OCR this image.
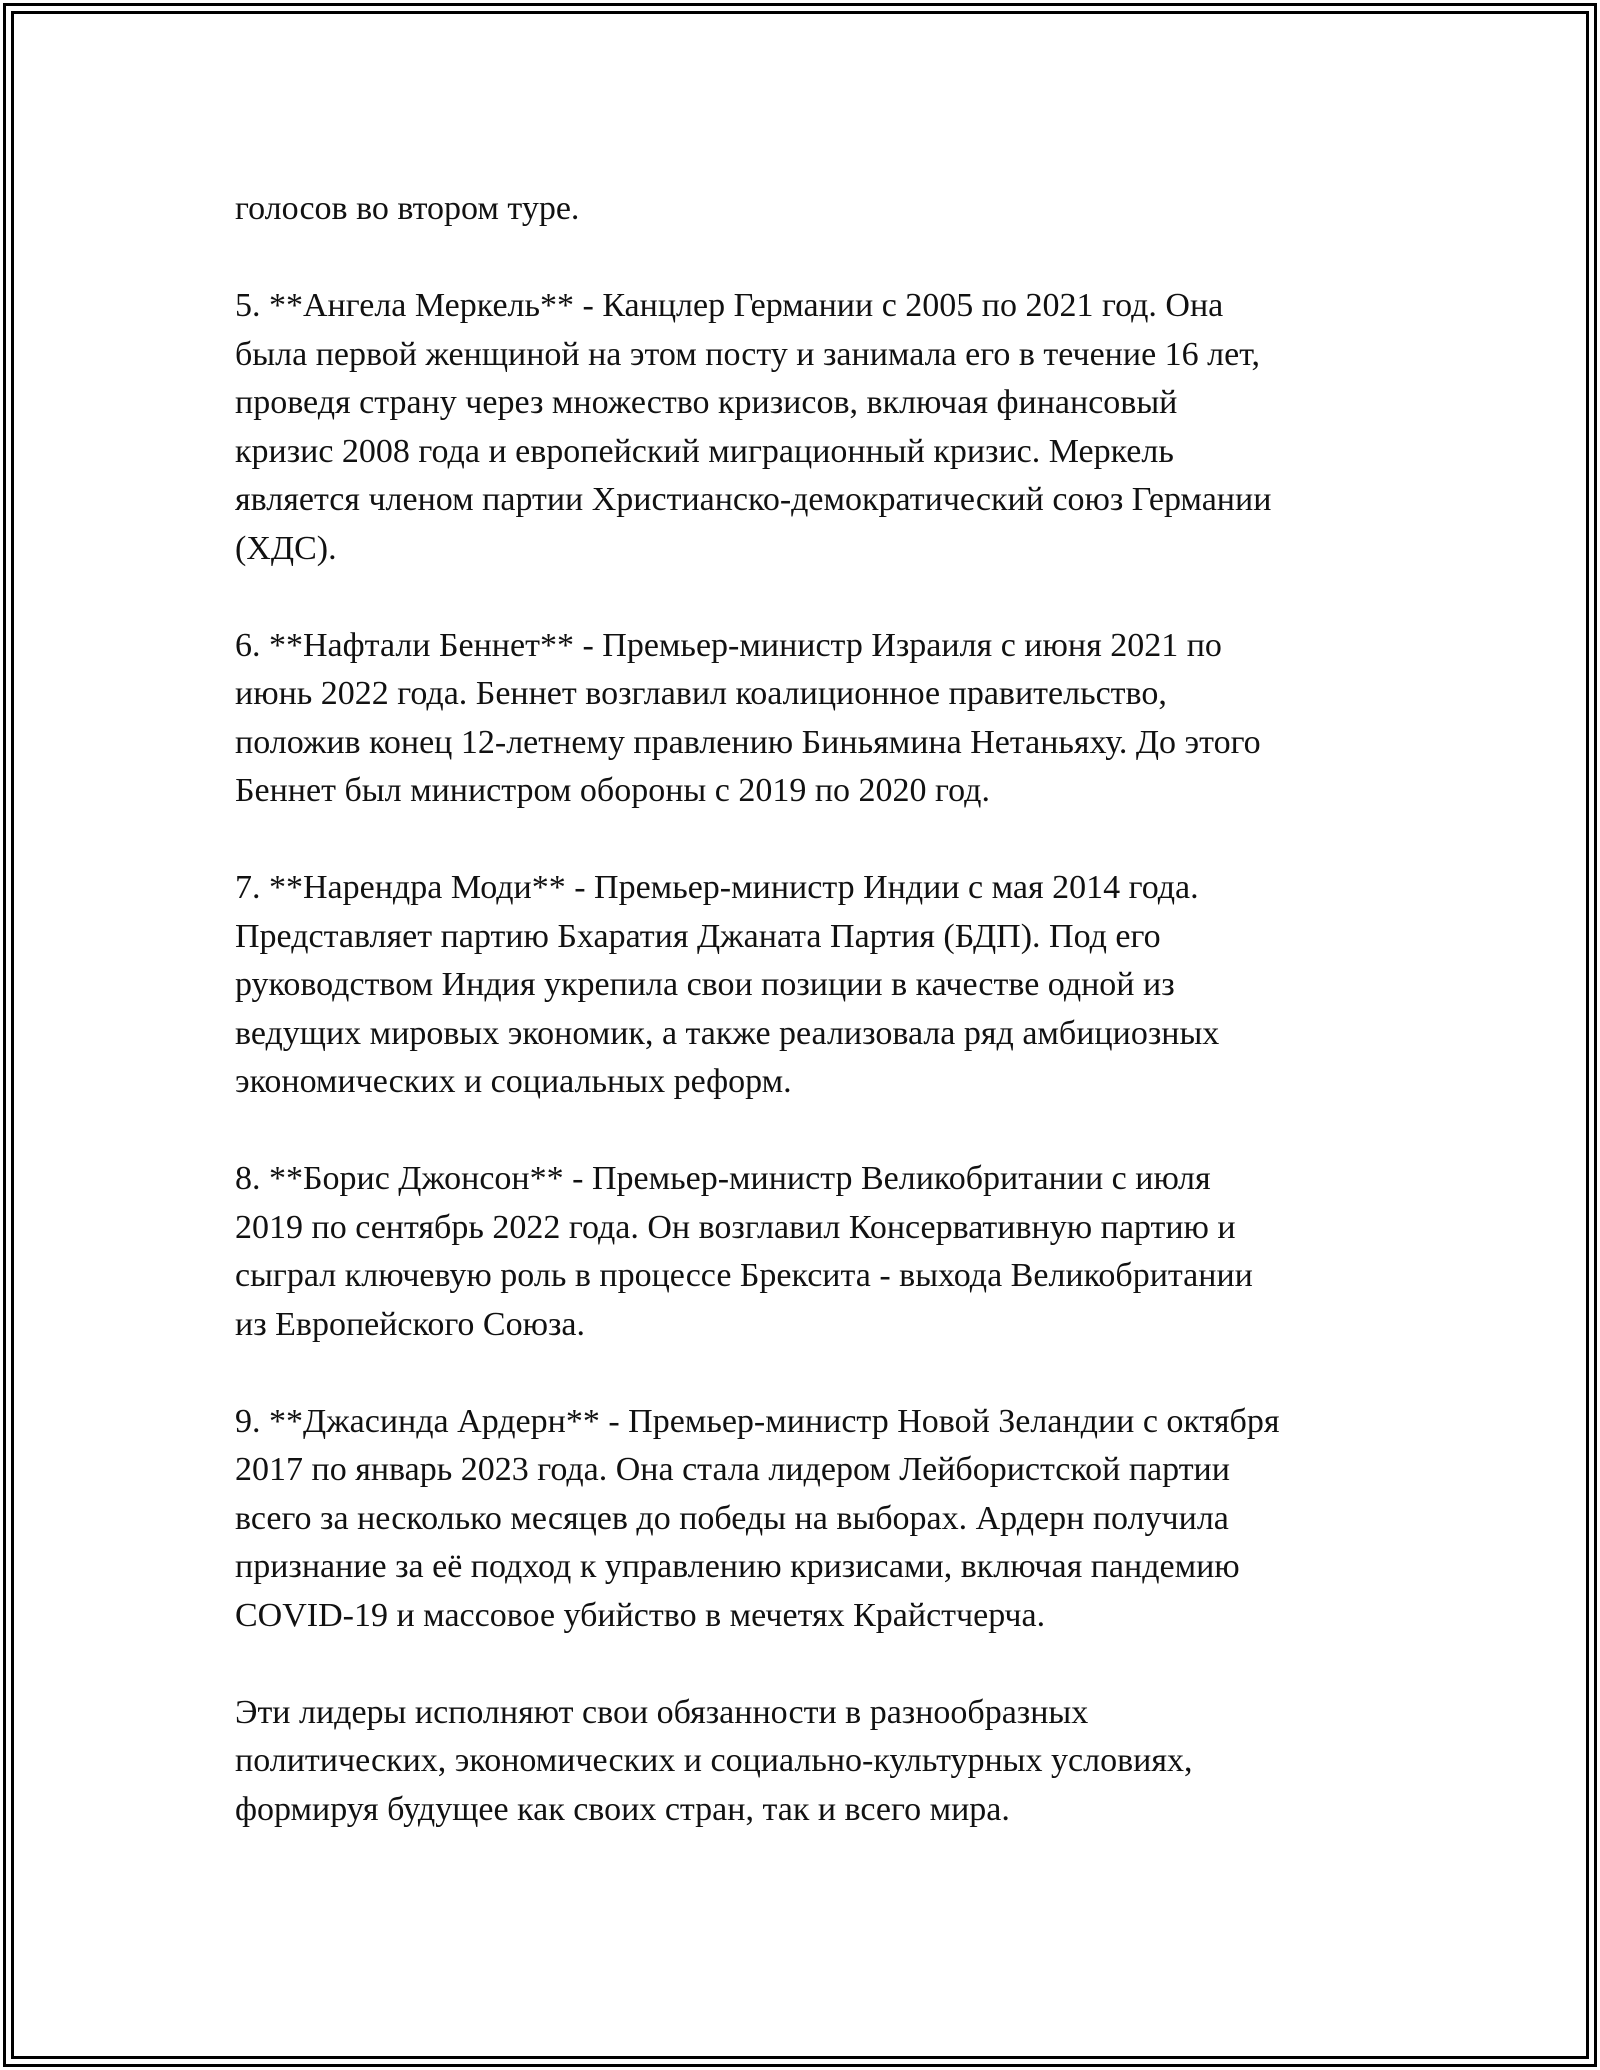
голосов во втором туре.
5. **Ангела Меркель** - Канцлер Германии с 2005 по 2021 год. Она
была первой женщиной на этом посту и занимала его в течение 16 лет,
проведя страну через множество кризисов, включая финансовый
кризис 2008 года и европейский миграционный кризис. Меркель
является членом партии Христианско-демократический союз Германии
(ХДС).
6. **Нафтали Беннет** - Премьер-министр Израиля с июня 2021 по
июнь 2022 года. Беннет возглавил коалиционное правительство,
положив конец 12-летнему правлению Биньямина Нетаньяху. До этого
Беннет был министром обороны с 2019 по 2020 год.
7. **Нарендра Моди** - Премьер-министр Индии с мая 2014 года.
Представляет партию Бхаратия Джаната Партия (БДП). Под его
руководством Индия укрепила свои позиции в качестве одной из
ведущих мировых экономик, а также реализовала ряд амбициозных
экономических и социальных реформ.
8. **Борис Джонсон** - Премьер-министр Великобритании с июля
2019 по сентябрь 2022 года. Он возглавил Консервативную партию и
сыграл ключевую роль в процессе Брексита - выхода Великобритании
из Европейского Союза.
9. **Джасинда Ардерн** - Премьер-министр Новой Зеландии с октября
2017 по январь 2023 года. Она стала лидером Лейбористской партии
всего за несколько месяцев до победы на выборах. Ардерн получила
признание за её подход к управлению кризисами, включая пандемию
COVID-19 и массовое убийство в мечетях Крайстчерча.
Эти лидеры исполняют свои обязанности в разнообразных
политических, экономических и социально-культурных условиях,
формируя будущее как своих стран, так и всего мира.
